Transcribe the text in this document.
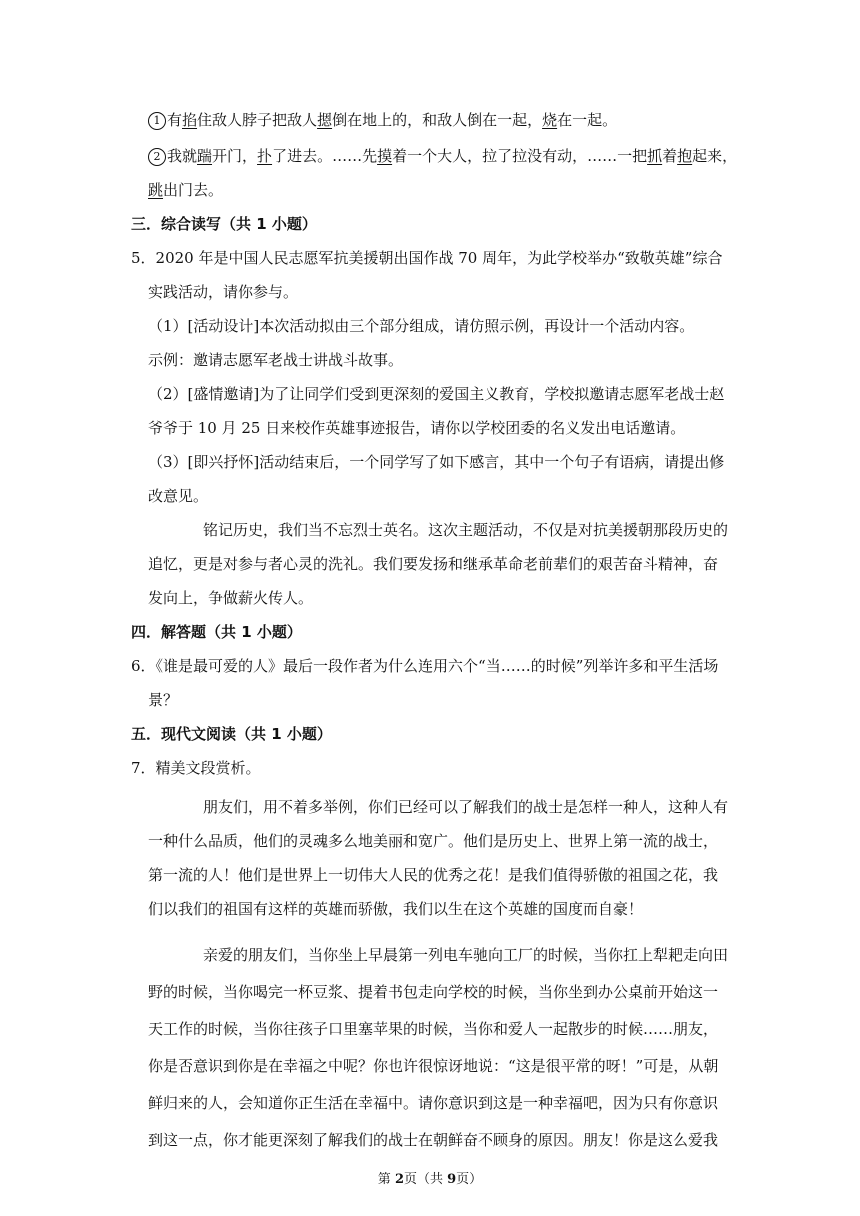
1 有掐住敌人脖子把敌人摁倒在地上的，和敌人倒在一起，烧在一起。
2 我就踹开门，扑了进去。……先摸着一个大人，拉了拉没有动，……一把抓着抱起来，
跳出门去。
三．综合读写（共 1 小题）
5．2020 年是中国人民志愿军抗美援朝出国作战 70 周年，为此学校举办“致敬英雄”综合
实践活动，请你参与。
（1）[活动设计]本次活动拟由三个部分组成，请仿照示例，再设计一个活动内容。
示例：邀请志愿军老战士讲战斗故事。
（2）[盛情邀请]为了让同学们受到更深刻的爱国主义教育，学校拟邀请志愿军老战士赵
爷爷于 10 月 25 日来校作英雄事迹报告，请你以学校团委的名义发出电话邀请。
（3）[即兴抒怀]活动结束后，一个同学写了如下感言，其中一个句子有语病，请提出修
改意见。
铭记历史，我们当不忘烈士英名。这次主题活动，不仅是对抗美援朝那段历史的
追忆，更是对参与者心灵的洗礼。我们要发扬和继承革命老前辈们的艰苦奋斗精神，奋
发向上，争做薪火传人。
四．解答题（共 1 小题）
6．《谁是最可爱的人》最后一段作者为什么连用六个“当……的时候”列举许多和平生活场
景？
五．现代文阅读（共 1 小题）
7．精美文段赏析。
朋友们，用不着多举例，你们已经可以了解我们的战士是怎样一种人，这种人有
一种什么品质，他们的灵魂多么地美丽和宽广。他们是历史上、世界上第一流的战士，
第一流的人！他们是世界上一切伟大人民的优秀之花！是我们值得骄傲的祖国之花，我
们以我们的祖国有这样的英雄而骄傲，我们以生在这个英雄的国度而自豪！
亲爱的朋友们，当你坐上早晨第一列电车驰向工厂的时候，当你扛上犁耙走向田
野的时候，当你喝完一杯豆浆、提着书包走向学校的时候，当你坐到办公桌前开始这一
天工作的时候，当你往孩子口里塞苹果的时候，当你和爱人一起散步的时候……朋友，
你是否意识到你是在幸福之中呢？你也许很惊讶地说：“这是很平常的呀！”可是，从朝
鲜归来的人，会知道你正生活在幸福中。请你意识到这是一种幸福吧，因为只有你意识
到这一点，你才能更深刻了解我们的战士在朝鲜奋不顾身的原因。朋友！你是这么爱我
第 2页（共 9页）
